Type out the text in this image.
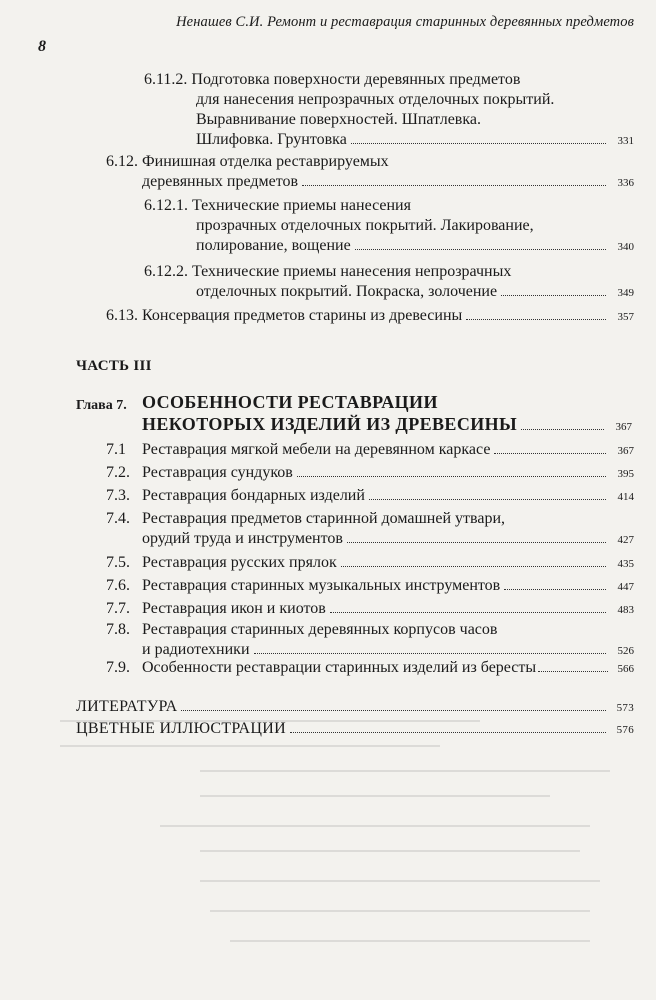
Ненашев С.И. Ремонт и реставрация старинных деревянных предметов
8
6.11.2.
Подготовка поверхности деревянных предметов
для нанесения непрозрачных отделочных покрытий.
Выравнивание поверхностей. Шпатлевка.
Шлифовка. Грунтовка	331
6.12.
Финишная отделка реставрируемых
деревянных предметов	336
6.12.1.
Технические приемы нанесения
прозрачных отделочных покрытий. Лакирование,
полирование, вощение	340
6.12.2.
Технические приемы нанесения непрозрачных
отделочных покрытий. Покраска, золочение	349
6.13.
Консервация предметов старины из древесины	357
ЧАСТЬ III
Глава 7. ОСОБЕННОСТИ РЕСТАВРАЦИИ
НЕКОТОРЫХ ИЗДЕЛИЙ ИЗ ДРЕВЕСИНЫ	367
7.1	Реставрация мягкой мебели на деревянном каркасе	367
7.2. Реставрация сундуков	395
7.3. Реставрация бондарных изделий	414
7.4. Реставрация предметов старинной домашней утвари,
орудий труда и инструментов	427
7.5. Реставрация русских прялок	435
7.6. Реставрация старинных музыкальных инструментов	447
7.7. Реставрация икон и киотов	483
7.8. Реставрация старинных деревянных корпусов часов
и радиотехники	526
7.9. Особенности реставрации старинных изделий из бересты	566
ЛИТЕРАТУРА	573
ЦВЕТНЫЕ ИЛЛЮСТРАЦИИ	576
